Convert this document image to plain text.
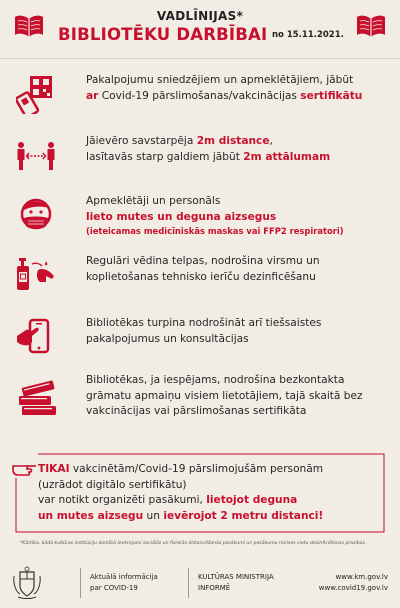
VADLĪNIJAS*
BIBLIOTĒKU DARBĪBAI no 15.11.2021.
Pakalpojumu sniedzējiem un apmeklētājiem, jābūt
ar Covid-19 pārslimošanas/vakcinācijas sertifikātu
Jāievēro savstarpēja 2m distance,
lasītavās starp galdiem jābūt 2m attālumam
Apmeklētāji un personāls
lieto mutes un deguna aizsegus
(ieteicamas medicīniskās maskas vai FFP2 respiratori)
Regulāri vēdina telpas, nodrošina virsmu un
koplietošanas tehnisko ierīču dezinficēšanu
Bibliotēkas turpina nodrošināt arī tiešsaistes
pakalpojumus un konsultācijas
Bibliotēkas, ja iespējams, nodrošina bezkontakta
grāmatu apmaiņu visiem lietotājiem, tajā skaitā bez
vakcinācijas vai pārslimošanas sertifikāta
TIKAI vakcinētām/Covid-19 pārslimojušām personām
(uzrādot digitālo sertifikātu)
var notikt organizēti pasākumi, lietojot deguna
un mutes aizsegu un ievērojot 2 metru distanci!
*Kārtība, kādā kultūras institūciju darbībā ievērojami sociālās un fiziskās distancēšanās pasākumi un pasākumu norises vietu dezinficēšanas prasības.
Aktuālā informācija
par COVID-19
KULTŪRAS MINISTRIJA
INFORMĒ
www.km.gov.lv
www.covid19.gov.lv
